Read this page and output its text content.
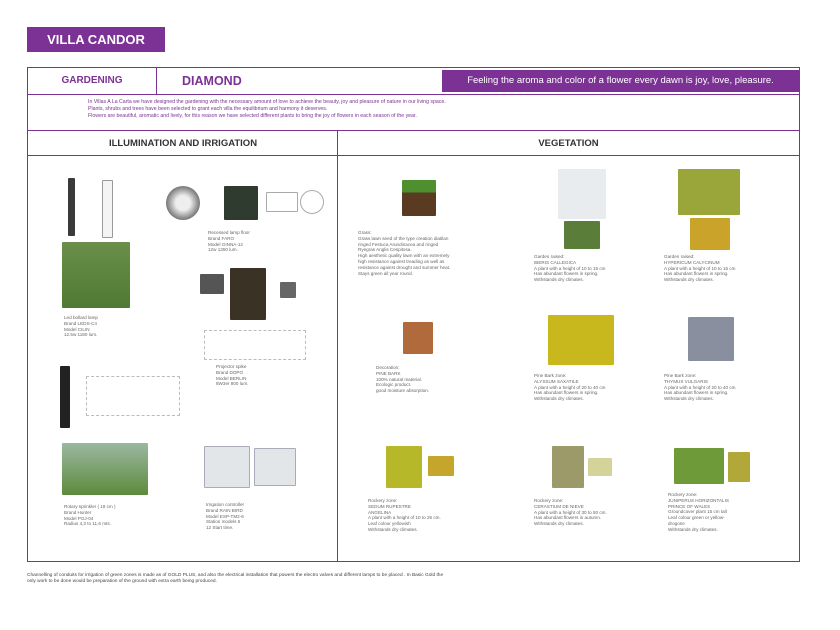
VILLA CANDOR
GARDENING	DIAMOND	Feeling the aroma and color of a flower every dawn is joy, love, pleasure.
In Villas A La Carta we have designed the gardening with the necessary amount of love to achieve the beauty, joy and pleasure of nature in our living space.
Plants, shrubs and trees have been selected to grant each villa the equilibrium and harmony it deserves.
Flowers are beautiful, aromatic and lively, for this reason we have selected different plants to bring the joy of flowers in each season of the year.
ILLUMINATION AND IRRIGATION	VEGETATION
Led bollard lamp
Brand LEDS-C4
Model CILIN
12.5w 1180 lum.
Recessed lamp floor
Brand FARO
Model GINNA-12
12w 1350 lum.
Projector spike
Brand DOPO
Model BERLIN
8W3er 800 lum.
Rotary sprinkler ( 19 cm )
Brand Hunter
Model PGJ-04
Radius 4,3 to 11,6 mts.
Irrigation controller
Brand RAIN BIRD
Model ESP-TM2-6
Station models 6
12 Start time.
Grass:
Grass lawn seed of the type creation diatilan
ringed Festuca Arundinacea and ringed
Ryegras Anglis Cespitosa.
High aesthetic quality lawn with an extremely
high resistance against treading as well as
resistance against drought and summer heat.
Stays green all year round.
Garden raised:
IBERIS CALLEGICA
A plant with a height of 10 to 15 cm
Has abundant flowers in spring.
Withstands dry climates.
Garden raised:
HYPERICUM CALYCINUM
A plant with a height of 10 to 15 cm
Has abundant flowers in spring.
Withstands dry climates.
Decoration:
PINE BARK
100% natural material.
Ecologic product.
good moisture absorption.
Pine Bark zone:
ALYSSUM SAXATILE
A plant with a height of 20 to 40 cm
Has abundant flowers in spring.
Withstands dry climates.
Pine Bark zone:
THYMUS VULGARIS
A plant with a height of 20 to 40 cm
Has abundant flowers in spring.
Withstands dry climates.
Rockery zone:
SEDUM RUPESTRE
ANGELINA
A plant with a height of 10 to 25 cm.
Leaf colour yellowish
Withstands dry climates.
Rockery zone:
CERASTIUM DE NIEVE
A plant with a height of 30 to 50 cm.
Has abundant flowers in autumn.
Withstands dry climates.
Rockery zone:
JUNIPERUS HORIZONTALIS
PRINCE OF WALES
Groundcover plant 15 cm tall
Leaf colour green or yellow-
drogone
Withstands dry climates.
Channelling of conduits for irrigation of green zones is made as of GOLD PLUS, and also the electrical installation that powers the electro valves and different lamps to be placed . In Basic Gold the
only work to be done would be preparation of the ground with extra earth being produced.
